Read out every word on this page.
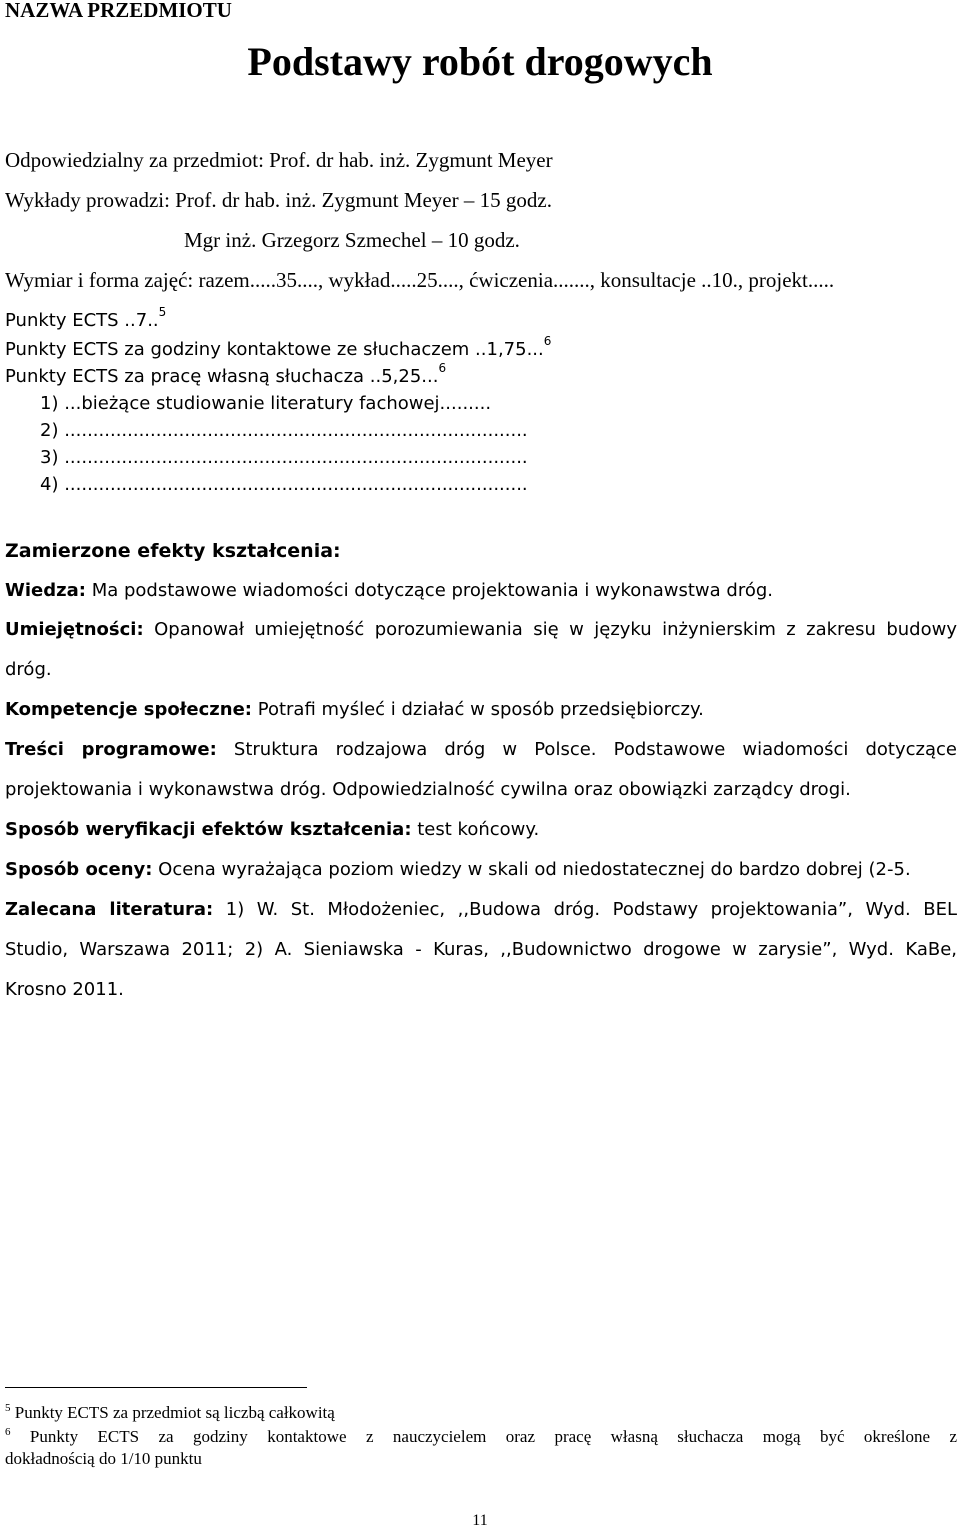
NAZWA PRZEDMIOTU
Podstawy robót drogowych
Odpowiedzialny za przedmiot: Prof. dr hab. inż. Zygmunt Meyer
Wykłady prowadzi: Prof. dr hab. inż. Zygmunt Meyer – 15 godz.
Mgr inż. Grzegorz Szmechel – 10 godz.
Wymiar i forma zajęć: razem.....35...., wykład.....25...., ćwiczenia......., konsultacje ..10., projekt.....
Punkty ECTS ..7..$^5$
Punkty ECTS za godziny kontaktowe ze słuchaczem ..1,75...$^6$
Punkty ECTS za pracę własną słuchacza ..5,25...$^6$
1) ...bieżące studiowanie literatury fachowej.........
2) .................................................................................
3) .................................................................................
4) .................................................................................
Zamierzone efekty kształcenia:
Wiedza: Ma podstawowe wiadomości dotyczące projektowania i wykonawstwa dróg.
Umiejętności: Opanował umiejętność porozumiewania się w języku inżynierskim z zakresu budowy
dróg.
Kompetencje społeczne: Potrafi myśleć i działać w sposób przedsiębiorczy.
Treści programowe: Struktura rodzajowa dróg w Polsce. Podstawowe wiadomości dotyczące
projektowania i wykonawstwa dróg. Odpowiedzialność cywilna oraz obowiązki zarządcy drogi.
Sposób weryfikacji efektów kształcenia: test końcowy.
Sposób oceny: Ocena wyrażająca poziom wiedzy w skali od niedostatecznej do bardzo dobrej (2-5.
Zalecana literatura: 1) W. St. Młodożeniec, ,,Budowa dróg. Podstawy projektowania”, Wyd. BEL
Studio, Warszawa 2011; 2) A. Sieniawska - Kuras, ,,Budownictwo drogowe w zarysie”, Wyd. KaBe,
Krosno 2011.
$^5$ Punkty ECTS za przedmiot są liczbą całkowitą
$^6$ Punkty ECTS za godziny kontaktowe z nauczycielem oraz pracę własną słuchacza mogą być określone z
dokładnością do 1/10 punktu
11
